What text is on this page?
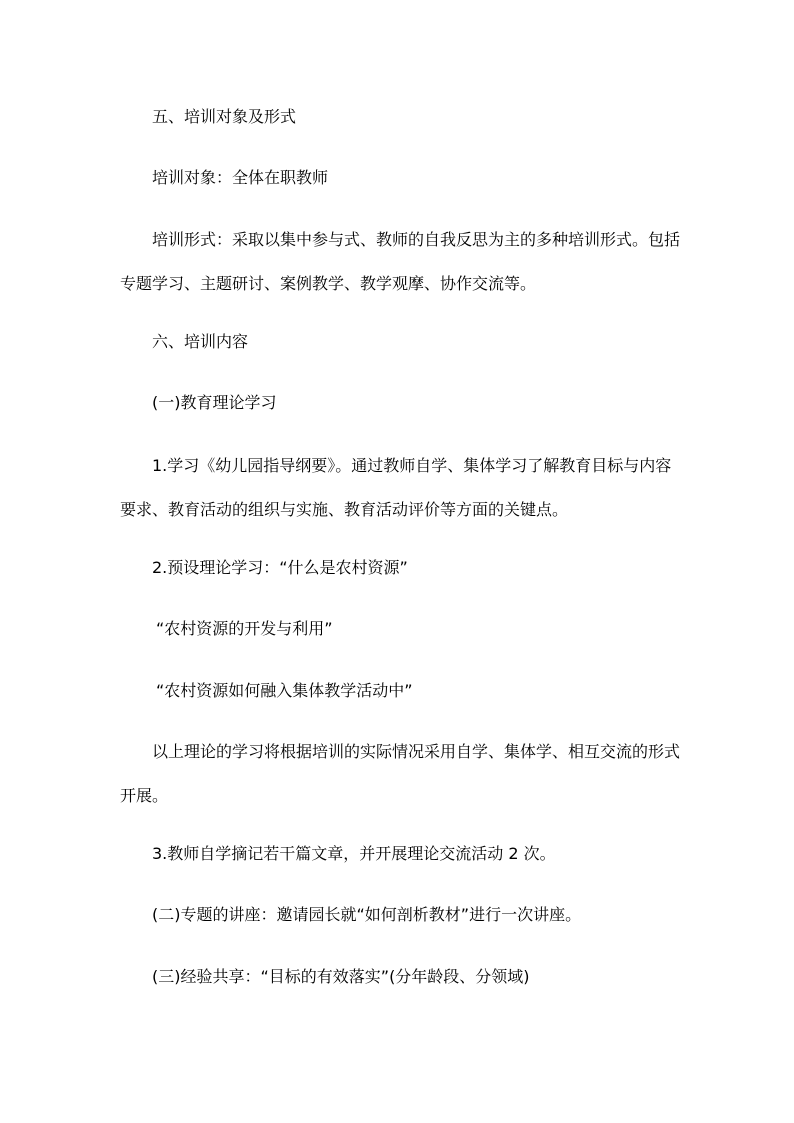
五、培训对象及形式

培训对象：全体在职教师

培训形式：采取以集中参与式、教师的自我反思为主的多种培训形式。包括
专题学习、主题研讨、案例教学、教学观摩、协作交流等。

六、培训内容

(一)教育理论学习

1.学习《幼儿园指导纲要》。通过教师自学、集体学习了解教育目标与内容
要求、教育活动的组织与实施、教育活动评价等方面的关键点。

2.预设理论学习：“什么是农村资源”

“农村资源的开发与利用”

“农村资源如何融入集体教学活动中”

以上理论的学习将根据培训的实际情况采用自学、集体学、相互交流的形式
开展。

3.教师自学摘记若干篇文章，并开展理论交流活动 2 次。

(二)专题的讲座：邀请园长就“如何剖析教材”进行一次讲座。

(三)经验共享：“目标的有效落实”(分年龄段、分领域)
